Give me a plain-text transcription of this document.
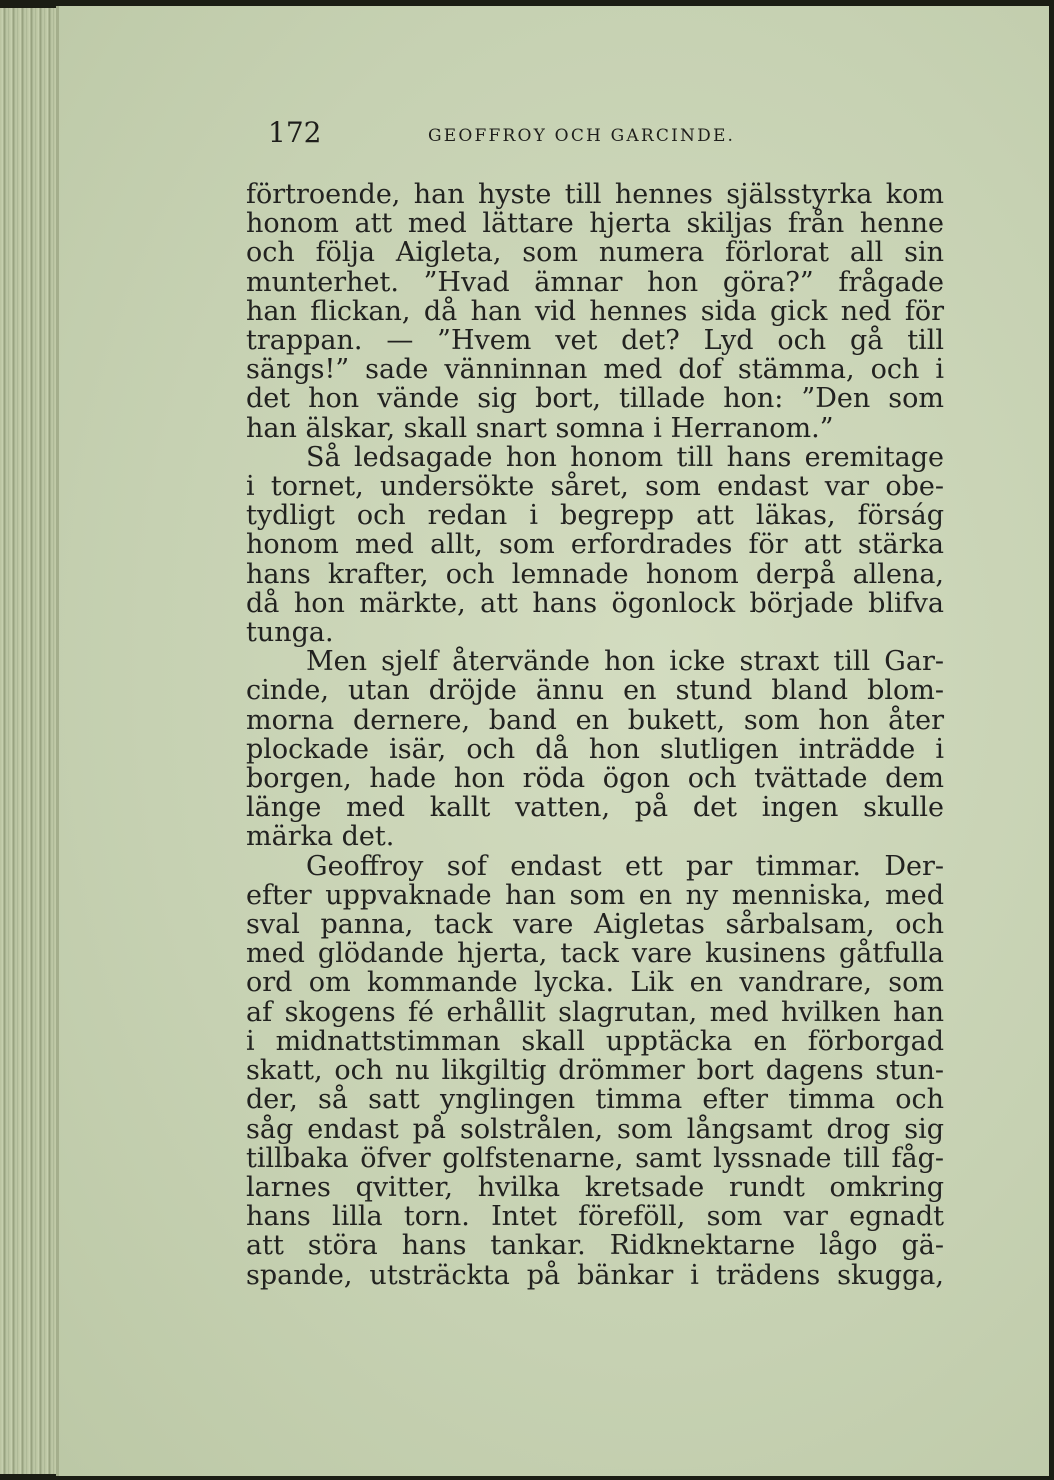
172	GEOFFROY OCH GARCINDE.
förtroende, han hyste till hennes själsstyrka kom
honom att med lättare hjerta skiljas från henne
och följa Aigleta, som numera förlorat all sin
munterhet. ”Hvad ämnar hon göra?” frågade
han flickan, då han vid hennes sida gick ned för
trappan. — ”Hvem vet det? Lyd och gå till
sängs!” sade vänninnan med dof stämma, och i
det hon vände sig bort, tillade hon: ”Den som
han älskar, skall snart somna i Herranom.”
Så ledsagade hon honom till hans eremitage
i tornet, undersökte såret, som endast var obe-
tydligt och redan i begrepp att läkas, förság
honom med allt, som erfordrades för att stärka
hans krafter, och lemnade honom derpå allena,
då hon märkte, att hans ögonlock började blifva
tunga.
Men sjelf återvände hon icke straxt till Gar-
cinde, utan dröjde ännu en stund bland blom-
morna dernere, band en bukett, som hon åter
plockade isär, och då hon slutligen inträdde i
borgen, hade hon röda ögon och tvättade dem
länge med kallt vatten, på det ingen skulle
märka det.
Geoffroy sof endast ett par timmar. Der-
efter uppvaknade han som en ny menniska, med
sval panna, tack vare Aigletas sårbalsam, och
med glödande hjerta, tack vare kusinens gåtfulla
ord om kommande lycka. Lik en vandrare, som
af skogens fé erhållit slagrutan, med hvilken han
i midnattstimman skall upptäcka en förborgad
skatt, och nu likgiltig drömmer bort dagens stun-
der, så satt ynglingen timma efter timma och
såg endast på solstrålen, som långsamt drog sig
tillbaka öfver golfstenarne, samt lyssnade till fåg-
larnes qvitter, hvilka kretsade rundt omkring
hans lilla torn. Intet föreföll, som var egnadt
att störa hans tankar. Ridknektarne lågo gä-
spande, utsträckta på bänkar i trädens skugga,
